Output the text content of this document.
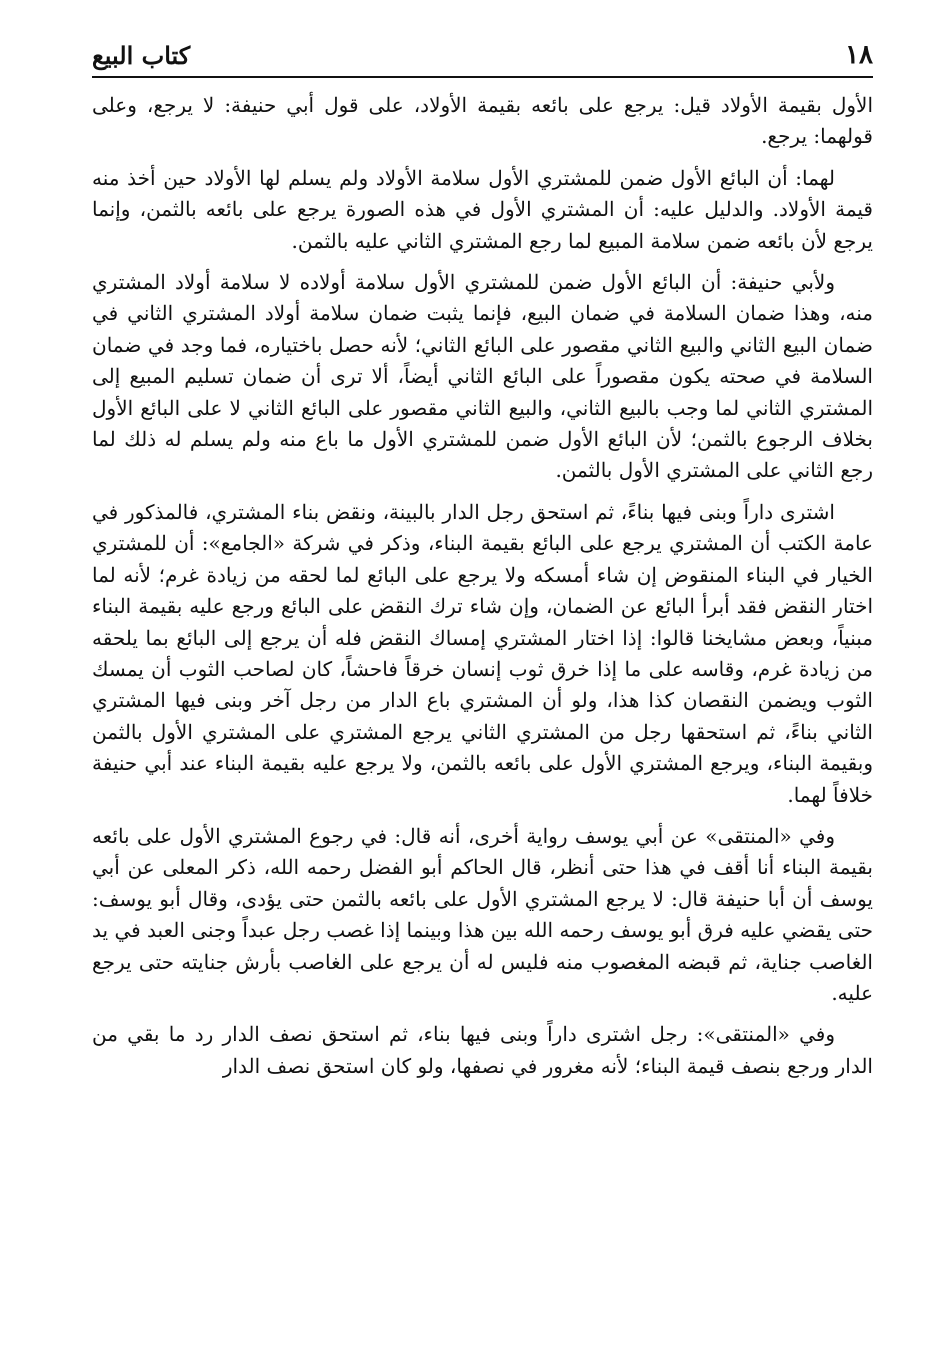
١٨
كتاب البيع

الأول بقيمة الأولاد قيل: يرجع على بائعه بقيمة الأولاد، على قول أبي حنيفة: لا يرجع، وعلى قولهما: يرجع.

لهما: أن البائع الأول ضمن للمشتري الأول سلامة الأولاد ولم يسلم لها الأولاد حين أخذ منه قيمة الأولاد. والدليل عليه: أن المشتري الأول في هذه الصورة يرجع على بائعه بالثمن، وإنما يرجع لأن بائعه ضمن سلامة المبيع لما رجع المشتري الثاني عليه بالثمن.

ولأبي حنيفة: أن البائع الأول ضمن للمشتري الأول سلامة أولاده لا سلامة أولاد المشتري منه، وهذا ضمان السلامة في ضمان البيع، فإنما يثبت ضمان سلامة أولاد المشتري الثاني في ضمان البيع الثاني والبيع الثاني مقصور على البائع الثاني؛ لأنه حصل باختياره، فما وجد في ضمان السلامة في صحته يكون مقصوراً على البائع الثاني أيضاً، ألا ترى أن ضمان تسليم المبيع إلى المشتري الثاني لما وجب بالبيع الثاني، والبيع الثاني مقصور على البائع الثاني لا على البائع الأول بخلاف الرجوع بالثمن؛ لأن البائع الأول ضمن للمشتري الأول ما باع منه ولم يسلم له ذلك لما رجع الثاني على المشتري الأول بالثمن.

اشترى داراً وبنى فيها بناءً، ثم استحق رجل الدار بالبينة، ونقض بناء المشتري، فالمذكور في عامة الكتب أن المشتري يرجع على البائع بقيمة البناء، وذكر في شركة «الجامع»: أن للمشتري الخيار في البناء المنقوض إن شاء أمسكه ولا يرجع على البائع لما لحقه من زيادة غرم؛ لأنه لما اختار النقض فقد أبرأ البائع عن الضمان، وإن شاء ترك النقض على البائع ورجع عليه بقيمة البناء مبنياً، وبعض مشايخنا قالوا: إذا اختار المشتري إمساك النقض فله أن يرجع إلى البائع بما يلحقه من زيادة غرم، وقاسه على ما إذا خرق ثوب إنسان خرقاً فاحشاً، كان لصاحب الثوب أن يمسك الثوب ويضمن النقصان كذا هذا، ولو أن المشتري باع الدار من رجل آخر وبنى فيها المشتري الثاني بناءً، ثم استحقها رجل من المشتري الثاني يرجع المشتري على المشتري الأول بالثمن وبقيمة البناء، ويرجع المشتري الأول على بائعه بالثمن، ولا يرجع عليه بقيمة البناء عند أبي حنيفة خلافاً لهما.

وفي «المنتقى» عن أبي يوسف رواية أخرى، أنه قال: في رجوع المشتري الأول على بائعه بقيمة البناء أنا أقف في هذا حتى أنظر، قال الحاكم أبو الفضل رحمه الله، ذكر المعلى عن أبي يوسف أن أبا حنيفة قال: لا يرجع المشتري الأول على بائعه بالثمن حتى يؤدى، وقال أبو يوسف: حتى يقضي عليه فرق أبو يوسف رحمه الله بين هذا وبينما إذا غصب رجل عبداً وجنى العبد في يد الغاصب جناية، ثم قبضه المغصوب منه فليس له أن يرجع على الغاصب بأرش جنايته حتى يرجع عليه.

وفي «المنتقى»: رجل اشترى داراً وبنى فيها بناء، ثم استحق نصف الدار رد ما بقي من الدار ورجع بنصف قيمة البناء؛ لأنه مغرور في نصفها، ولو كان استحق نصف الدار
